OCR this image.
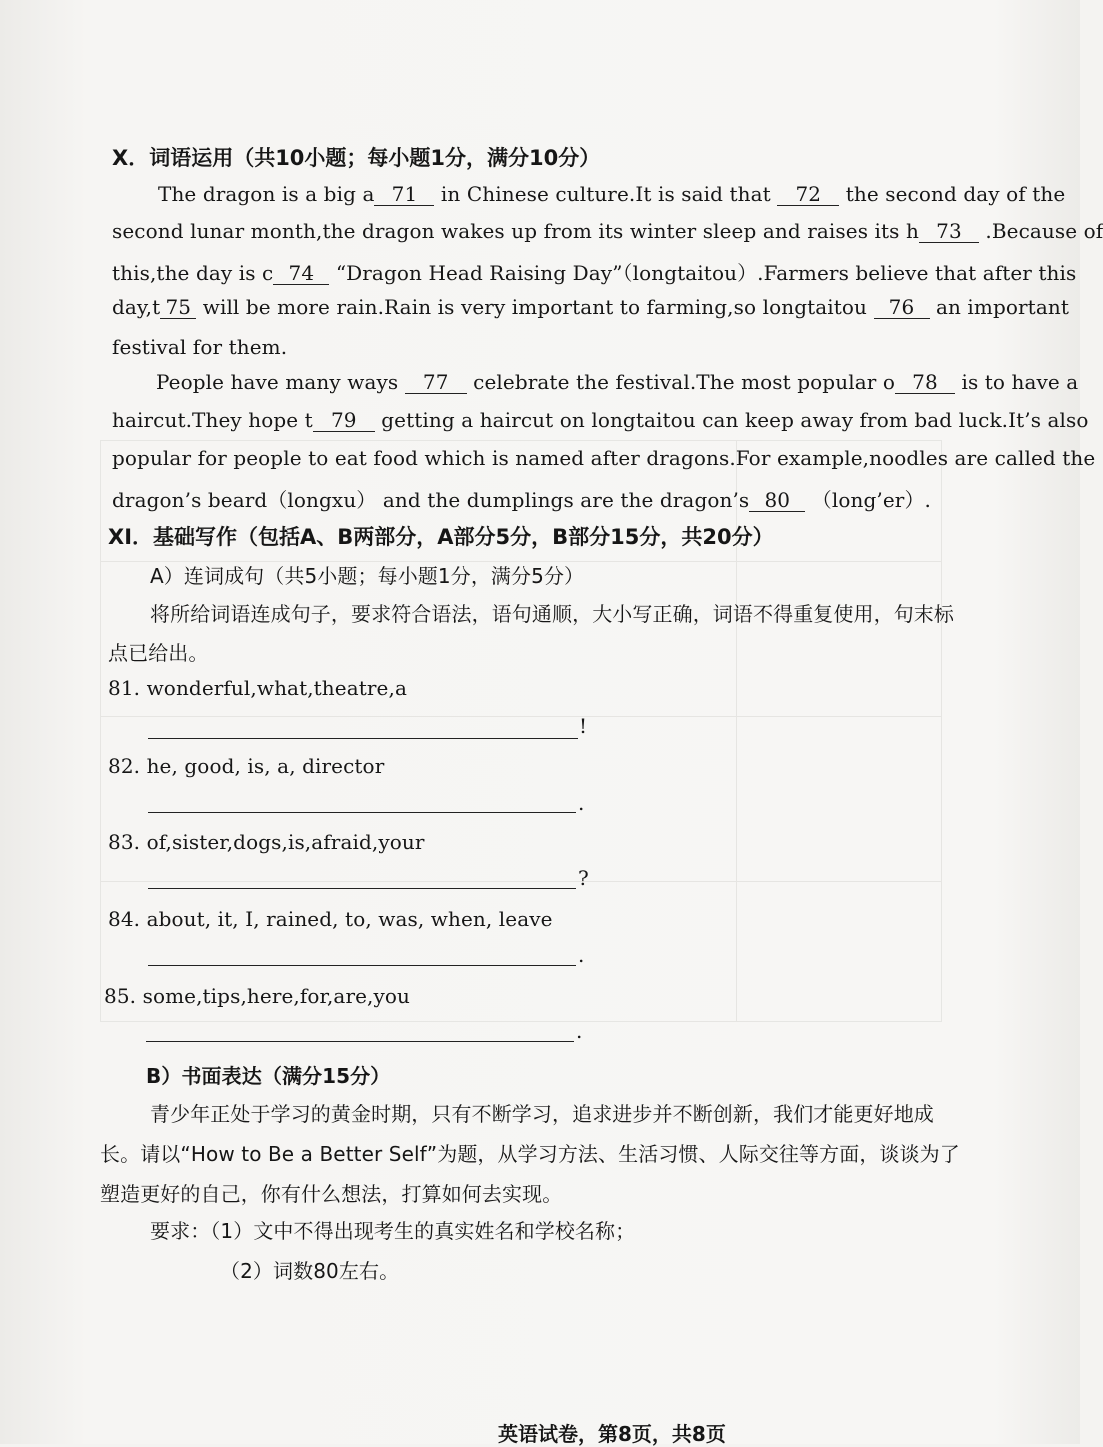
X．词语运用（共10小题；每小题1分，满分10分）
The dragon is a big a 71 in Chinese culture.It is said that 72 the second day of the
second lunar month,the dragon wakes up from its winter sleep and raises its h 73 .Because of
this,the day is c 74 “Dragon Head Raising Day”（longtaitou）.Farmers believe that after this
day,t 75 will be more rain.Rain is very important to farming,so longtaitou 76 an important
festival for them.
People have many ways 77 celebrate the festival.The most popular o 78 is to have a
haircut.They hope t 79 getting a haircut on longtaitou can keep away from bad luck.It’s also
popular for people to eat food which is named after dragons.For example,noodles are called the
dragon’s beard（longxu） and the dumplings are the dragon’s 80 （long’er）.
XI．基础写作（包括A、B两部分，A部分5分，B部分15分，共20分）
A）连词成句（共5小题；每小题1分，满分5分）
将所给词语连成句子，要求符合语法，语句通顺，大小写正确，词语不得重复使用，句末标
点已给出。
81. wonderful,what,theatre,a
!
82. he, good, is, a, director
.
83. of,sister,dogs,is,afraid,your
?
84. about, it, I, rained, to, was, when, leave
.
85. some,tips,here,for,are,you
.
B）书面表达（满分15分）
青少年正处于学习的黄金时期，只有不断学习，追求进步并不断创新，我们才能更好地成
长。请以“How to Be a Better Self”为题，从学习方法、生活习惯、人际交往等方面，谈谈为了
塑造更好的自己，你有什么想法，打算如何去实现。
要求：（1）文中不得出现考生的真实姓名和学校名称；
（2）词数80左右。
英语试卷，第8页，共8页
